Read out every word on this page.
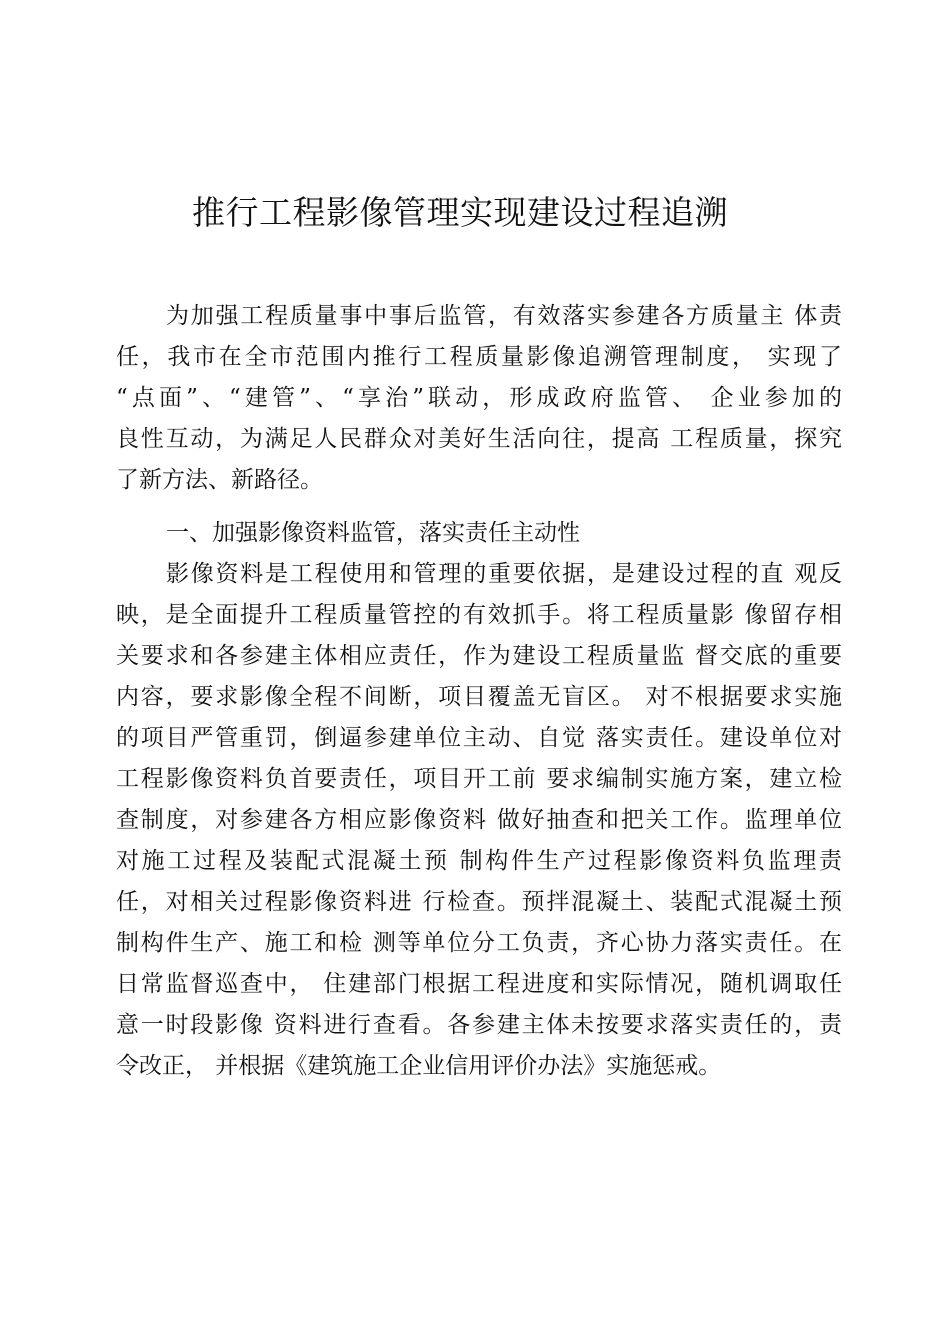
推行工程影像管理实现建设过程追溯
为加强工程质量事中事后监管，有效落实参建各方质量主 体责
任，我市在全市范围内推行工程质量影像追溯管理制度， 实现了
“点面”、“建管”、“享治”联动，形成政府监管、 企业参加的
良性互动，为满足人民群众对美好生活向往，提高 工程质量，探究
了新方法、新路径。
一、加强影像资料监管，落实责任主动性
影像资料是工程使用和管理的重要依据，是建设过程的直 观反
映，是全面提升工程质量管控的有效抓手。将工程质量影 像留存相
关要求和各参建主体相应责任，作为建设工程质量监 督交底的重要
内容，要求影像全程不间断，项目覆盖无盲区。 对不根据要求实施
的项目严管重罚，倒逼参建单位主动、自觉 落实责任。建设单位对
工程影像资料负首要责任，项目开工前 要求编制实施方案，建立检
查制度，对参建各方相应影像资料 做好抽查和把关工作。监理单位
对施工过程及装配式混凝土预 制构件生产过程影像资料负监理责
任，对相关过程影像资料进 行检查。预拌混凝土、装配式混凝土预
制构件生产、施工和检 测等单位分工负责，齐心协力落实责任。在
日常监督巡查中， 住建部门根据工程进度和实际情况，随机调取任
意一时段影像 资料进行查看。各参建主体未按要求落实责任的，责
令改正， 并根据《建筑施工企业信用评价办法》实施惩戒。
